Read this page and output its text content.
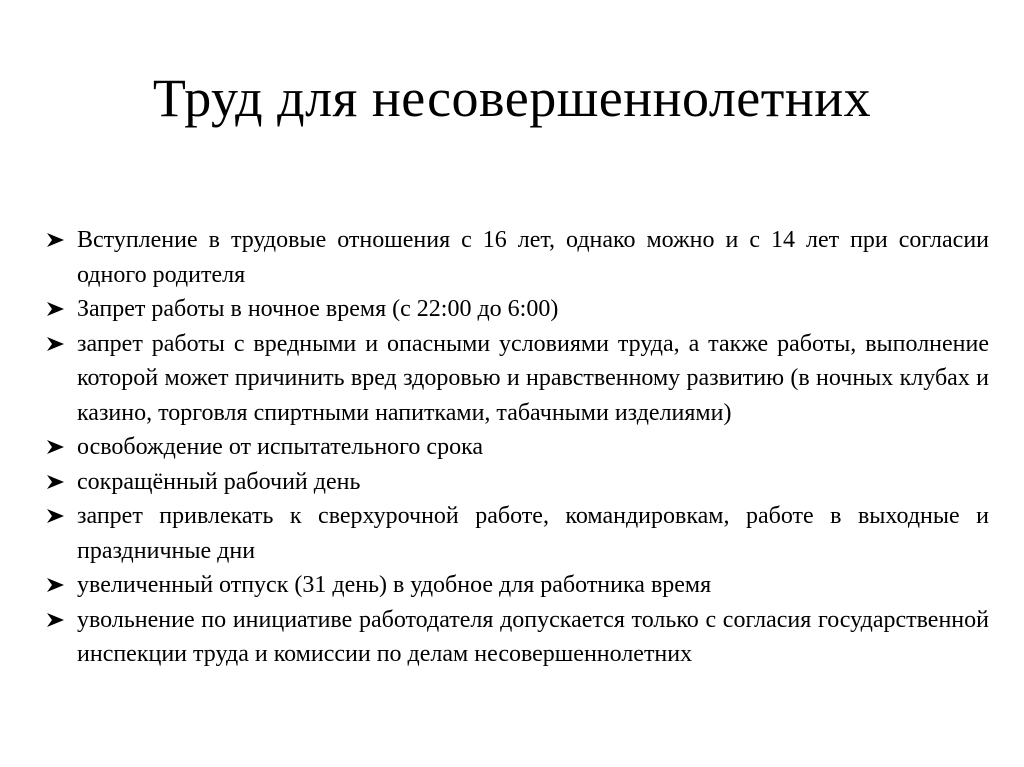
Труд для несовершеннолетних
Вступление в трудовые отношения с 16 лет, однако можно и с 14 лет при согласии одного родителя
Запрет работы в ночное время (с 22:00 до 6:00)
запрет работы с вредными и опасными условиями труда, а также работы, выполнение которой может причинить вред здоровью и нравственному развитию (в ночных клубах и казино, торговля спиртными напитками, табачными изделиями)
освобождение от испытательного срока
сокращённый рабочий день
запрет привлекать к сверхурочной работе, командировкам, работе в выходные и праздничные дни
увеличенный отпуск (31 день) в удобное для работника время
увольнение по инициативе работодателя допускается только с согласия государственной инспекции труда и комиссии по делам несовершеннолетних
